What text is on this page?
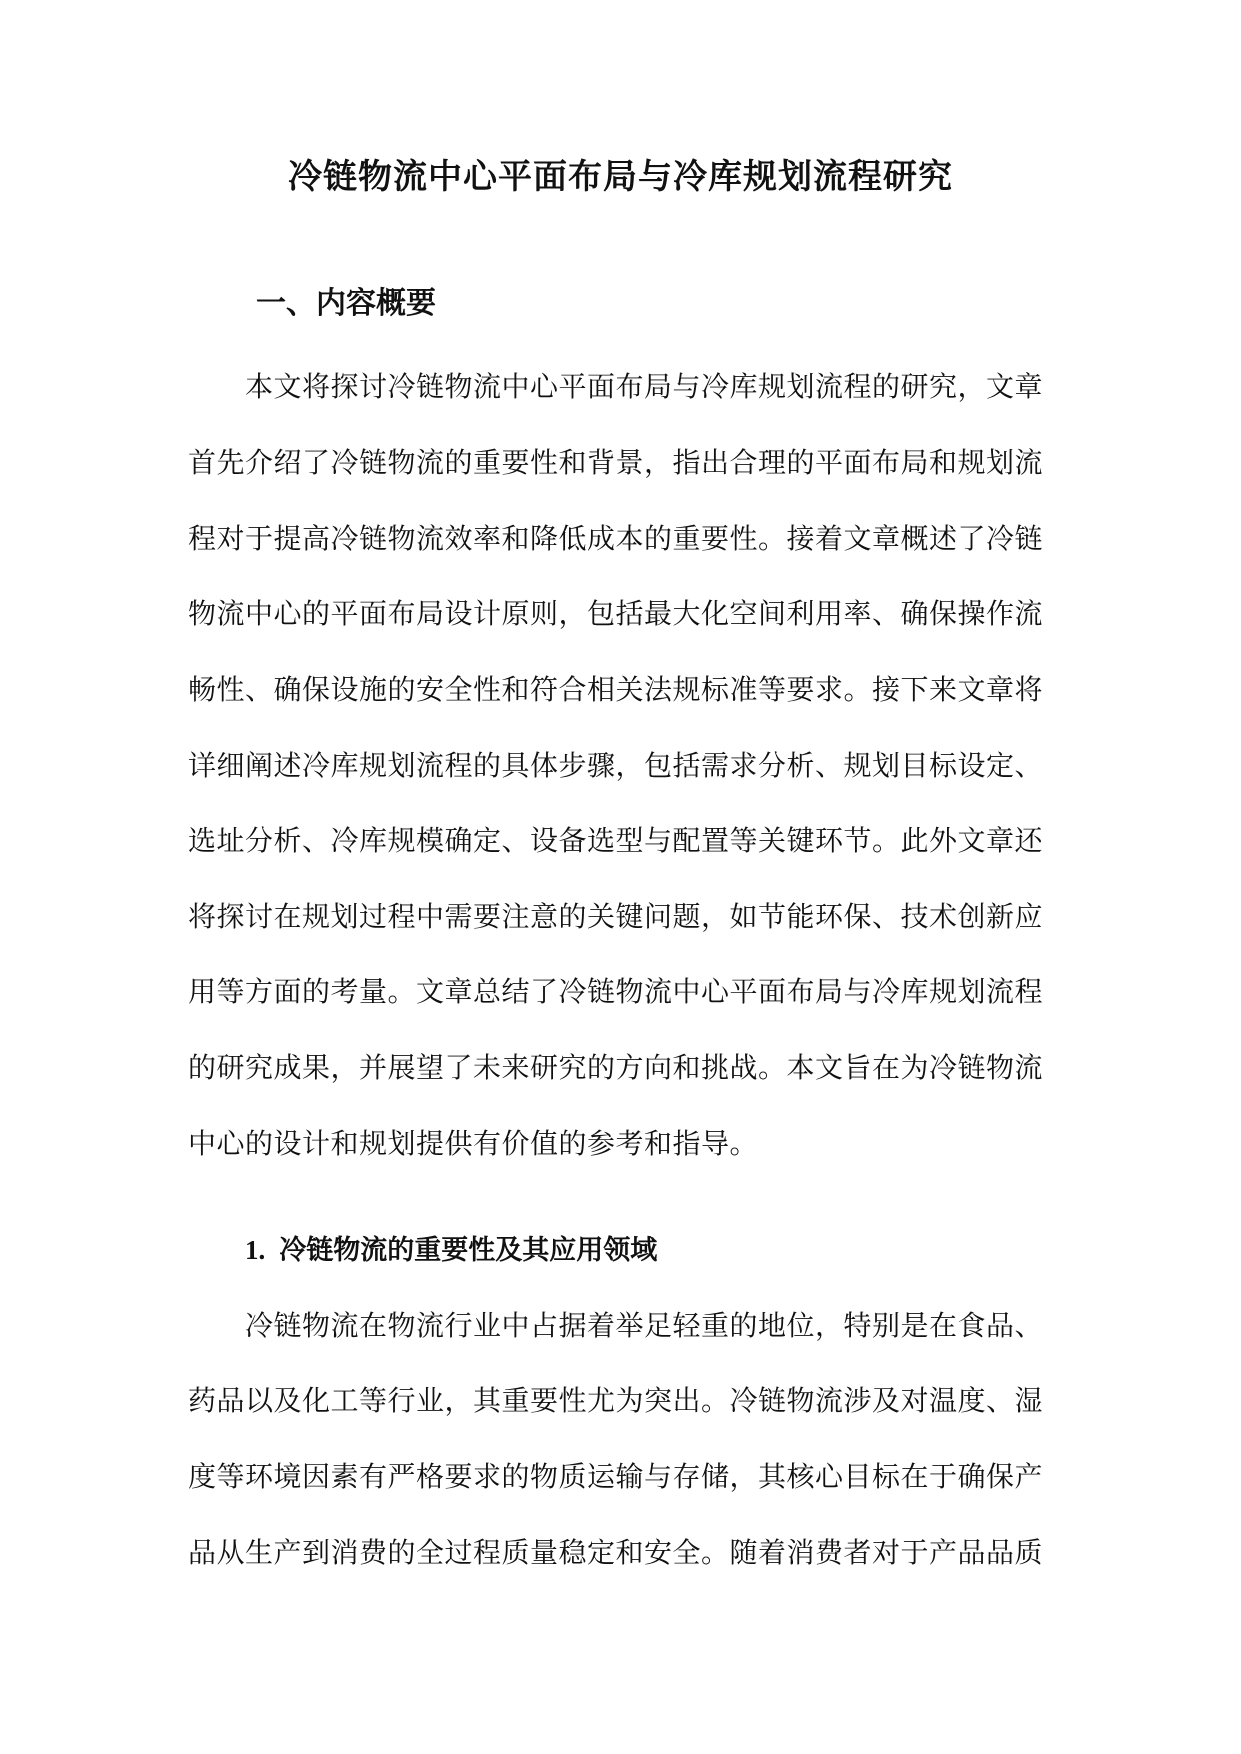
冷链物流中心平面布局与冷库规划流程研究
一、内容概要
本文将探讨冷链物流中心平面布局与冷库规划流程的研究，文章
首先介绍了冷链物流的重要性和背景，指出合理的平面布局和规划流
程对于提高冷链物流效率和降低成本的重要性。接着文章概述了冷链
物流中心的平面布局设计原则，包括最大化空间利用率、确保操作流
畅性、确保设施的安全性和符合相关法规标准等要求。接下来文章将
详细阐述冷库规划流程的具体步骤，包括需求分析、规划目标设定、
选址分析、冷库规模确定、设备选型与配置等关键环节。此外文章还
将探讨在规划过程中需要注意的关键问题，如节能环保、技术创新应
用等方面的考量。文章总结了冷链物流中心平面布局与冷库规划流程
的研究成果，并展望了未来研究的方向和挑战。本文旨在为冷链物流
中心的设计和规划提供有价值的参考和指导。
1. 冷链物流的重要性及其应用领域
冷链物流在物流行业中占据着举足轻重的地位，特别是在食品、
药品以及化工等行业，其重要性尤为突出。冷链物流涉及对温度、湿
度等环境因素有严格要求的物质运输与存储，其核心目标在于确保产
品从生产到消费的全过程质量稳定和安全。随着消费者对于产品品质
